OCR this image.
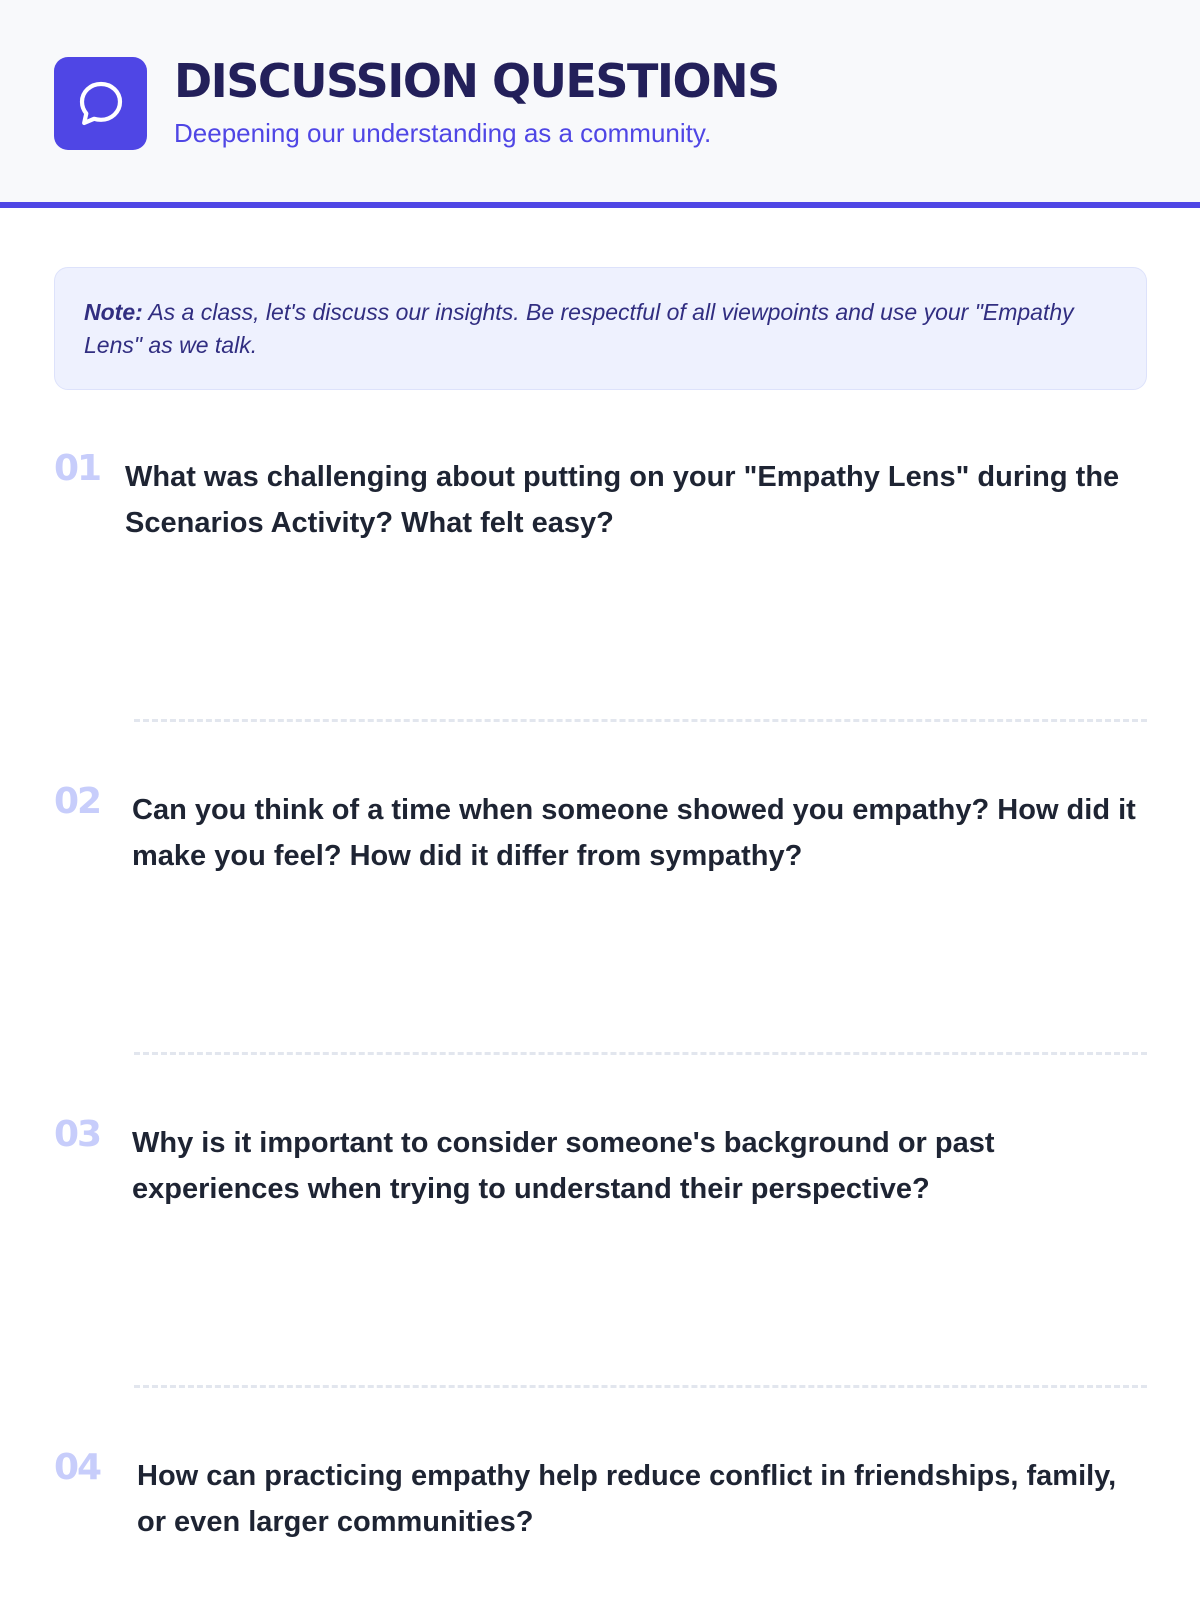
DISCUSSION QUESTIONS
Deepening our understanding as a community.
Note: As a class, let's discuss our insights. Be respectful of all viewpoints and use your "Empathy Lens" as we talk.
01 What was challenging about putting on your "Empathy Lens" during the Scenarios Activity? What felt easy?
02 Can you think of a time when someone showed you empathy? How did it make you feel? How did it differ from sympathy?
03 Why is it important to consider someone's background or past experiences when trying to understand their perspective?
04 How can practicing empathy help reduce conflict in friendships, family, or even larger communities?
